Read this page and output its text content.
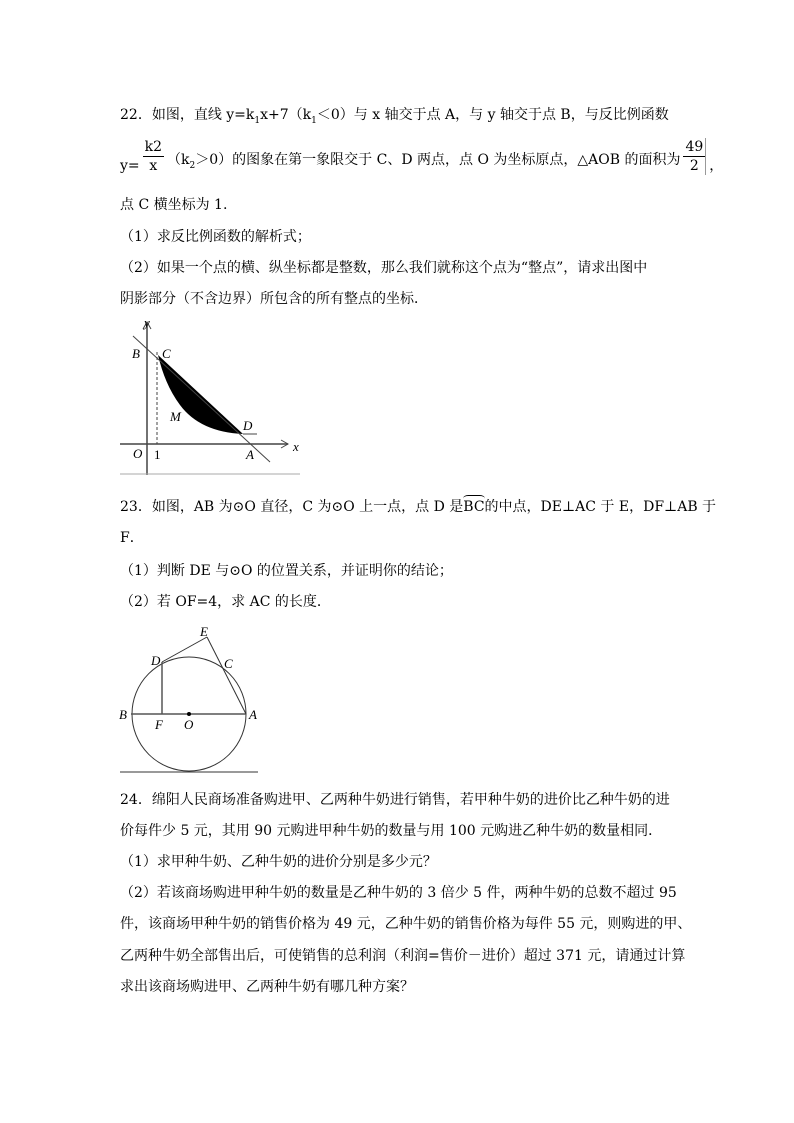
22．如图，直线 $y=k_1x+7(k_1<0)$与 x 轴交于点 A，与 y 轴交于点 B，与反比例函数
$y= \frac{k2}{x} (k_2>0)$的图象在第一象限交于 C、D 两点，点 O 为坐标原点，△AOB 的面积为 $\frac{49}{2}$ ，
点 C 横坐标为 1.
（1）求反比例函数的解析式；
（2）如果一个点的横、纵坐标都是整数，那么我们就称这个点为“整点”，请求出图中
阴影部分（不含边界）所包含的所有整点的坐标．
y
B C
M
D
x
O 1	A
E
D	C
B
F O
A
23．如图，AB 为⊙O 直径，C 为⊙O 上一点，点 D 是BC的中点，DE⊥AC 于 E，DF⊥AB 于
F．
（1）判断 DE 与⊙O 的位置关系，并证明你的结论；
（2）若 OF=4，求 AC 的长度．
24．绵阳人民商场准备购进甲、乙两种牛奶进行销售，若甲种牛奶的进价比乙种牛奶的进
价每件少 5 元，其用 90 元购进甲种牛奶的数量与用 100 元购进乙种牛奶的数量相同．
（1）求甲种牛奶、乙种牛奶的进价分别是多少元？
（2）若该商场购进甲种牛奶的数量是乙种牛奶的 3 倍少 5 件，两种牛奶的总数不超过 95
件，该商场甲种牛奶的销售价格为 49 元，乙种牛奶的销售价格为每件 55 元，则购进的甲、
乙两种牛奶全部售出后，可使销售的总利润（利润=售价－进价）超过 371 元，请通过计算
求出该商场购进甲、乙两种牛奶有哪几种方案？
